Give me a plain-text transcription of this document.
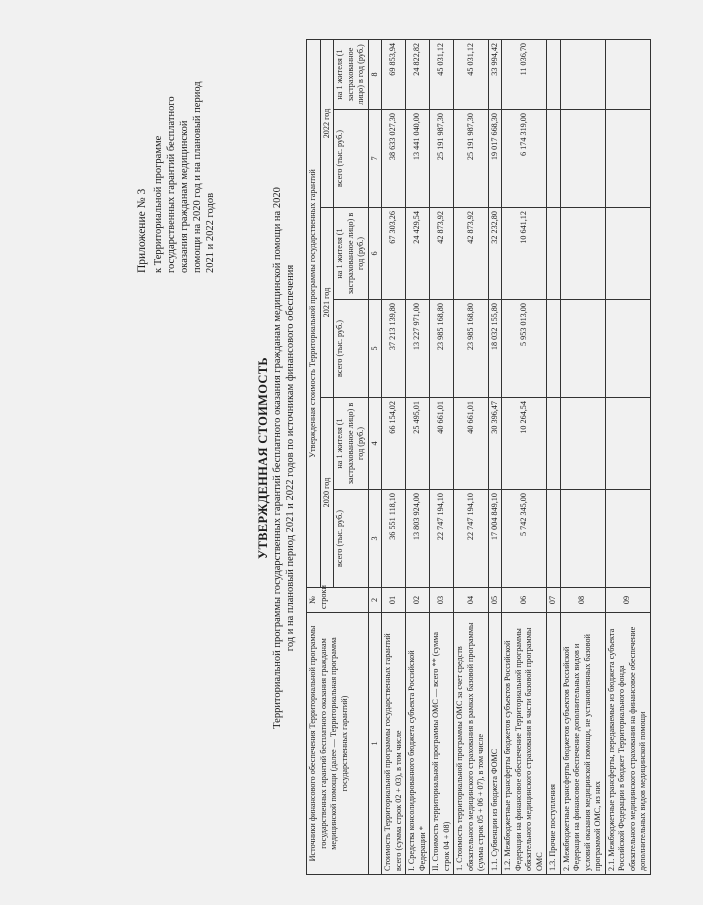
Приложение № 3 к Территориальной программе государственных гарантий бесплатного оказания гражданам медицинской помощи на 2020 год и на плановый период 2021 и 2022 годов
УТВЕРЖДЕННАЯ СТОИМОСТЬ Территориальной программы государственных гарантий бесплатного оказания гражданам медицинской помощи на 2020 год и на плановый период 2021 и 2022 годов по источникам финансового обеспечения
Источники финансового обеспечения Территориальной программы государственных гарантий бесплатного оказания гражданам медицинской помощи (далее — Территориальная программа государственных гарантий)	№ строки	Утвержденная стоимость Территориальной программы государственных гарантий					
		2020 год		2021 год		2022 год	
		всего (тыс. руб.)	на 1 жителя (1 застрахованное лицо) в год (руб.)	всего (тыс. руб.)	на 1 жителя (1 застрахованное лицо) в год (руб.)	всего (тыс. руб.)	на 1 жителя (1 застрахованное лицо) в год (руб.)
1	2	3	4	5	6	7	8
Стоимость Территориальной программы государственных гарантий всего (сумма строк 02 + 03), в том числе	01	36 551 118,10	66 154,02	37 213 139,80	67 303,26	38 633 027,30	69 853,94
I. Средства консолидированного бюджета субъекта Российской Федерации *	02	13 803 924,00	25 495,01	13 227 971,00	24 429,54	13 441 040,00	24 822,82
II. Стоимость территориальной программы ОМС — всего ** (сумма строк 04 + 08)	03	22 747 194,10	40 661,01	23 985 168,80	42 873,92	25 191 987,30	45 031,12
1. Стоимость территориальной программы ОМС за счет средств обязательного медицинского страхования в рамках базовой программы (сумма строк 05 + 06 + 07), в том числе	04	22 747 194,10	40 661,01	23 985 168,80	42 873,92	25 191 987,30	45 031,12
1.1. Субвенции из бюджета ФОМС	05	17 004 849,10	30 396,47	18 032 155,80	32 232,80	19 017 668,30	33 994,42
1.2. Межбюджетные трансферты бюджетов субъектов Российской Федерации на финансовое обеспечение Территориальной программы обязательного медицинского страхования в части базовой программы ОМС	06	5 742 345,00	10 264,54	5 953 013,00	10 641,12	6 174 319,00	11 036,70
1.3. Прочие поступления	07						
2. Межбюджетные трансферты бюджетов субъектов Российской Федерации на финансовое обеспечение дополнительных видов и условий оказания медицинской помощи, не установленных базовой программой ОМС, из них	08						
2.1. Межбюджетные трансферты, передаваемые из бюджета субъекта Российской Федерации в бюджет Территориального фонда обязательного медицинского страхования на финансовое обеспечение дополнительных видов медицинской помощи	09						
